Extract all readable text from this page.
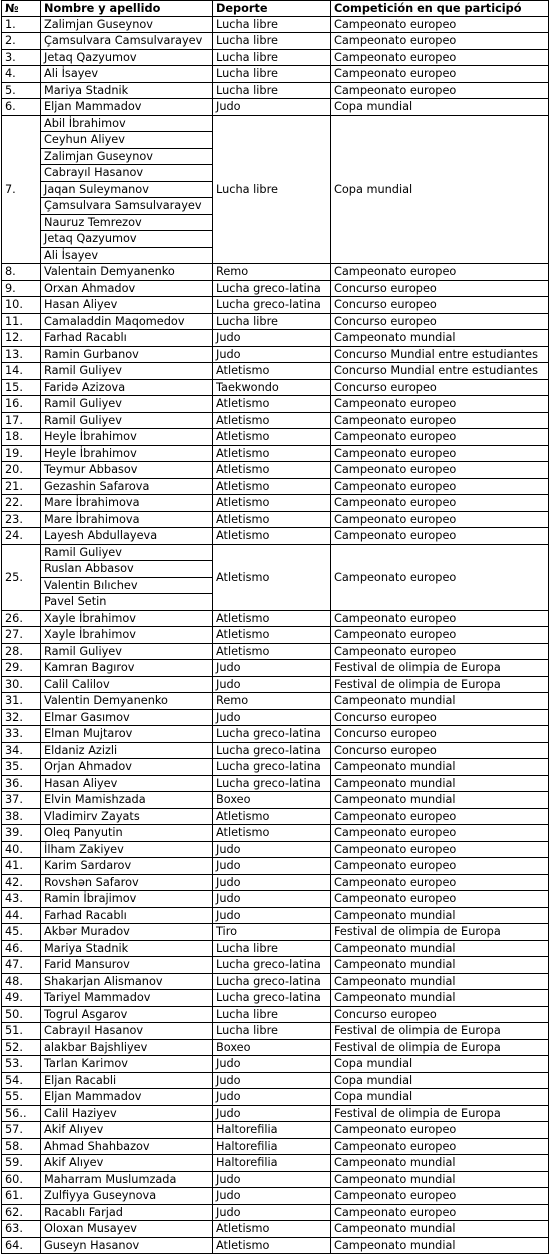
№	Nombre y apellido	Deporte	Competición en que participó
1.	Zalimjan Guseynov	Lucha libre	Campeonato europeo
2.	Çamsulvara Camsulvarayev	Lucha libre	Campeonato europeo
3.	Jetaq Qazyumov	Lucha libre	Campeonato europeo
4.	Ali İsayev	Lucha libre	Campeonato europeo
5.	Mariya Stadnik	Lucha libre	Campeonato europeo
6.	Eljan Mammadov	Judo	Copa mundial
7.	Abil İbrahimov	Lucha libre	Copa mundial
	Ceyhun Aliyev		
	Zalimjan Guseynov		
	Cabrayıl Hasanov		
	Jaqan Suleymanov		
	Çamsulvara Samsulvarayev		
	Nauruz Temrezov		
	Jetaq Qazyumov		
	Ali İsayev		
8.	Valentain Demyanenko	Remo	Campeonato europeo
9.	Orxan Ahmadov	Lucha greco-latina	Concurso europeo
10.	Hasan Aliyev	Lucha greco-latina	Concurso europeo
11.	Camaladdin Maqomedov	Lucha libre	Concurso europeo
12.	Farhad Racablı	Judo	Campeonato mundial
13.	Ramin Gurbanov	Judo	Concurso Mundial entre estudiantes
14.	Ramil Guliyev	Atletismo	Concurso Mundial entre estudiantes
15.	Faridə Azizova	Taekwondo	Concurso europeo
16.	Ramil Guliyev	Atletismo	Campeonato europeo
17.	Ramil Guliyev	Atletismo	Campeonato europeo
18.	Heyle İbrahimov	Atletismo	Campeonato europeo
19.	Heyle İbrahimov	Atletismo	Campeonato europeo
20.	Teymur Abbasov	Atletismo	Campeonato europeo
21.	Gezashin Safarova	Atletismo	Campeonato europeo
22.	Mare İbrahimova	Atletismo	Campeonato europeo
23.	Mare İbrahimova	Atletismo	Campeonato europeo
24.	Layesh Abdullayeva	Atletismo	Campeonato europeo
25.	Ramil Guliyev	Atletismo	Campeonato europeo
	Ruslan Abbasov		
	Valentin Bılıchev		
	Pavel Setin		
26.	Xayle İbrahimov	Atletismo	Campeonato europeo
27.	Xayle İbrahimov	Atletismo	Campeonato europeo
28.	Ramil Guliyev	Atletismo	Campeonato europeo
29.	Kamran Bagırov	Judo	Festival de olimpia de Europa
30.	Calil Calilov	Judo	Festival de olimpia de Europa
31.	Valentin Demyanenko	Remo	Campeonato mundial
32.	Elmar Gasımov	Judo	Concurso europeo
33.	Elman Mujtarov	Lucha greco-latina	Concurso europeo
34.	Eldaniz Azizli	Lucha greco-latina	Concurso europeo
35.	Orjan Ahmadov	Lucha greco-latina	Campeonato mundial
36.	Hasan Aliyev	Lucha greco-latina	Campeonato mundial
37.	Elvin Mamishzada	Boxeo	Campeonato mundial
38.	Vladimirv Zayats	Atletismo	Campeonato europeo
39.	Oleq Panyutin	Atletismo	Campeonato europeo
40.	İlham Zakiyev	Judo	Campeonato europeo
41.	Karim Sardarov	Judo	Campeonato europeo
42.	Rovshən Safarov	Judo	Campeonato europeo
43.	Ramin İbrajimov	Judo	Campeonato europeo
44.	Farhad Racablı	Judo	Campeonato mundial
45.	Akbər Muradov	Tiro	Festival de olimpia de Europa
46.	Mariya Stadnik	Lucha libre	Campeonato mundial
47.	Farid Mansurov	Lucha greco-latina	Campeonato mundial
48.	Shakarjan Alismanov	Lucha greco-latina	Campeonato mundial
49.	Tariyel Mammadov	Lucha greco-latina	Campeonato mundial
50.	Togrul Asgarov	Lucha libre	Concurso europeo
51.	Cabrayıl Hasanov	Lucha libre	Festival de olimpia de Europa
52.	alakbar Bajshliyev	Boxeo	Festival de olimpia de Europa
53.	Tarlan Karimov	Judo	Copa mundial
54.	Eljan Racabli	Judo	Copa mundial
55.	Eljan Mammadov	Judo	Copa mundial
56..	Calil Haziyev	Judo	Festival de olimpia de Europa
57.	Akif Alıyev	Haltorefilia	Campeonato europeo
58.	Ahmad Shahbazov	Haltorefilia	Campeonato europeo
59.	Akif Alıyev	Haltorefilia	Campeonato mundial
60.	Maharram Muslumzada	Judo	Campeonato mundial
61.	Zulfiyya Guseynova	Judo	Campeonato europeo
62.	Racablı Farjad	Judo	Campeonato europeo
63.	Oloxan Musayev	Atletismo	Campeonato mundial
64.	Guseyn Hasanov	Atletismo	Campeonato mundial
